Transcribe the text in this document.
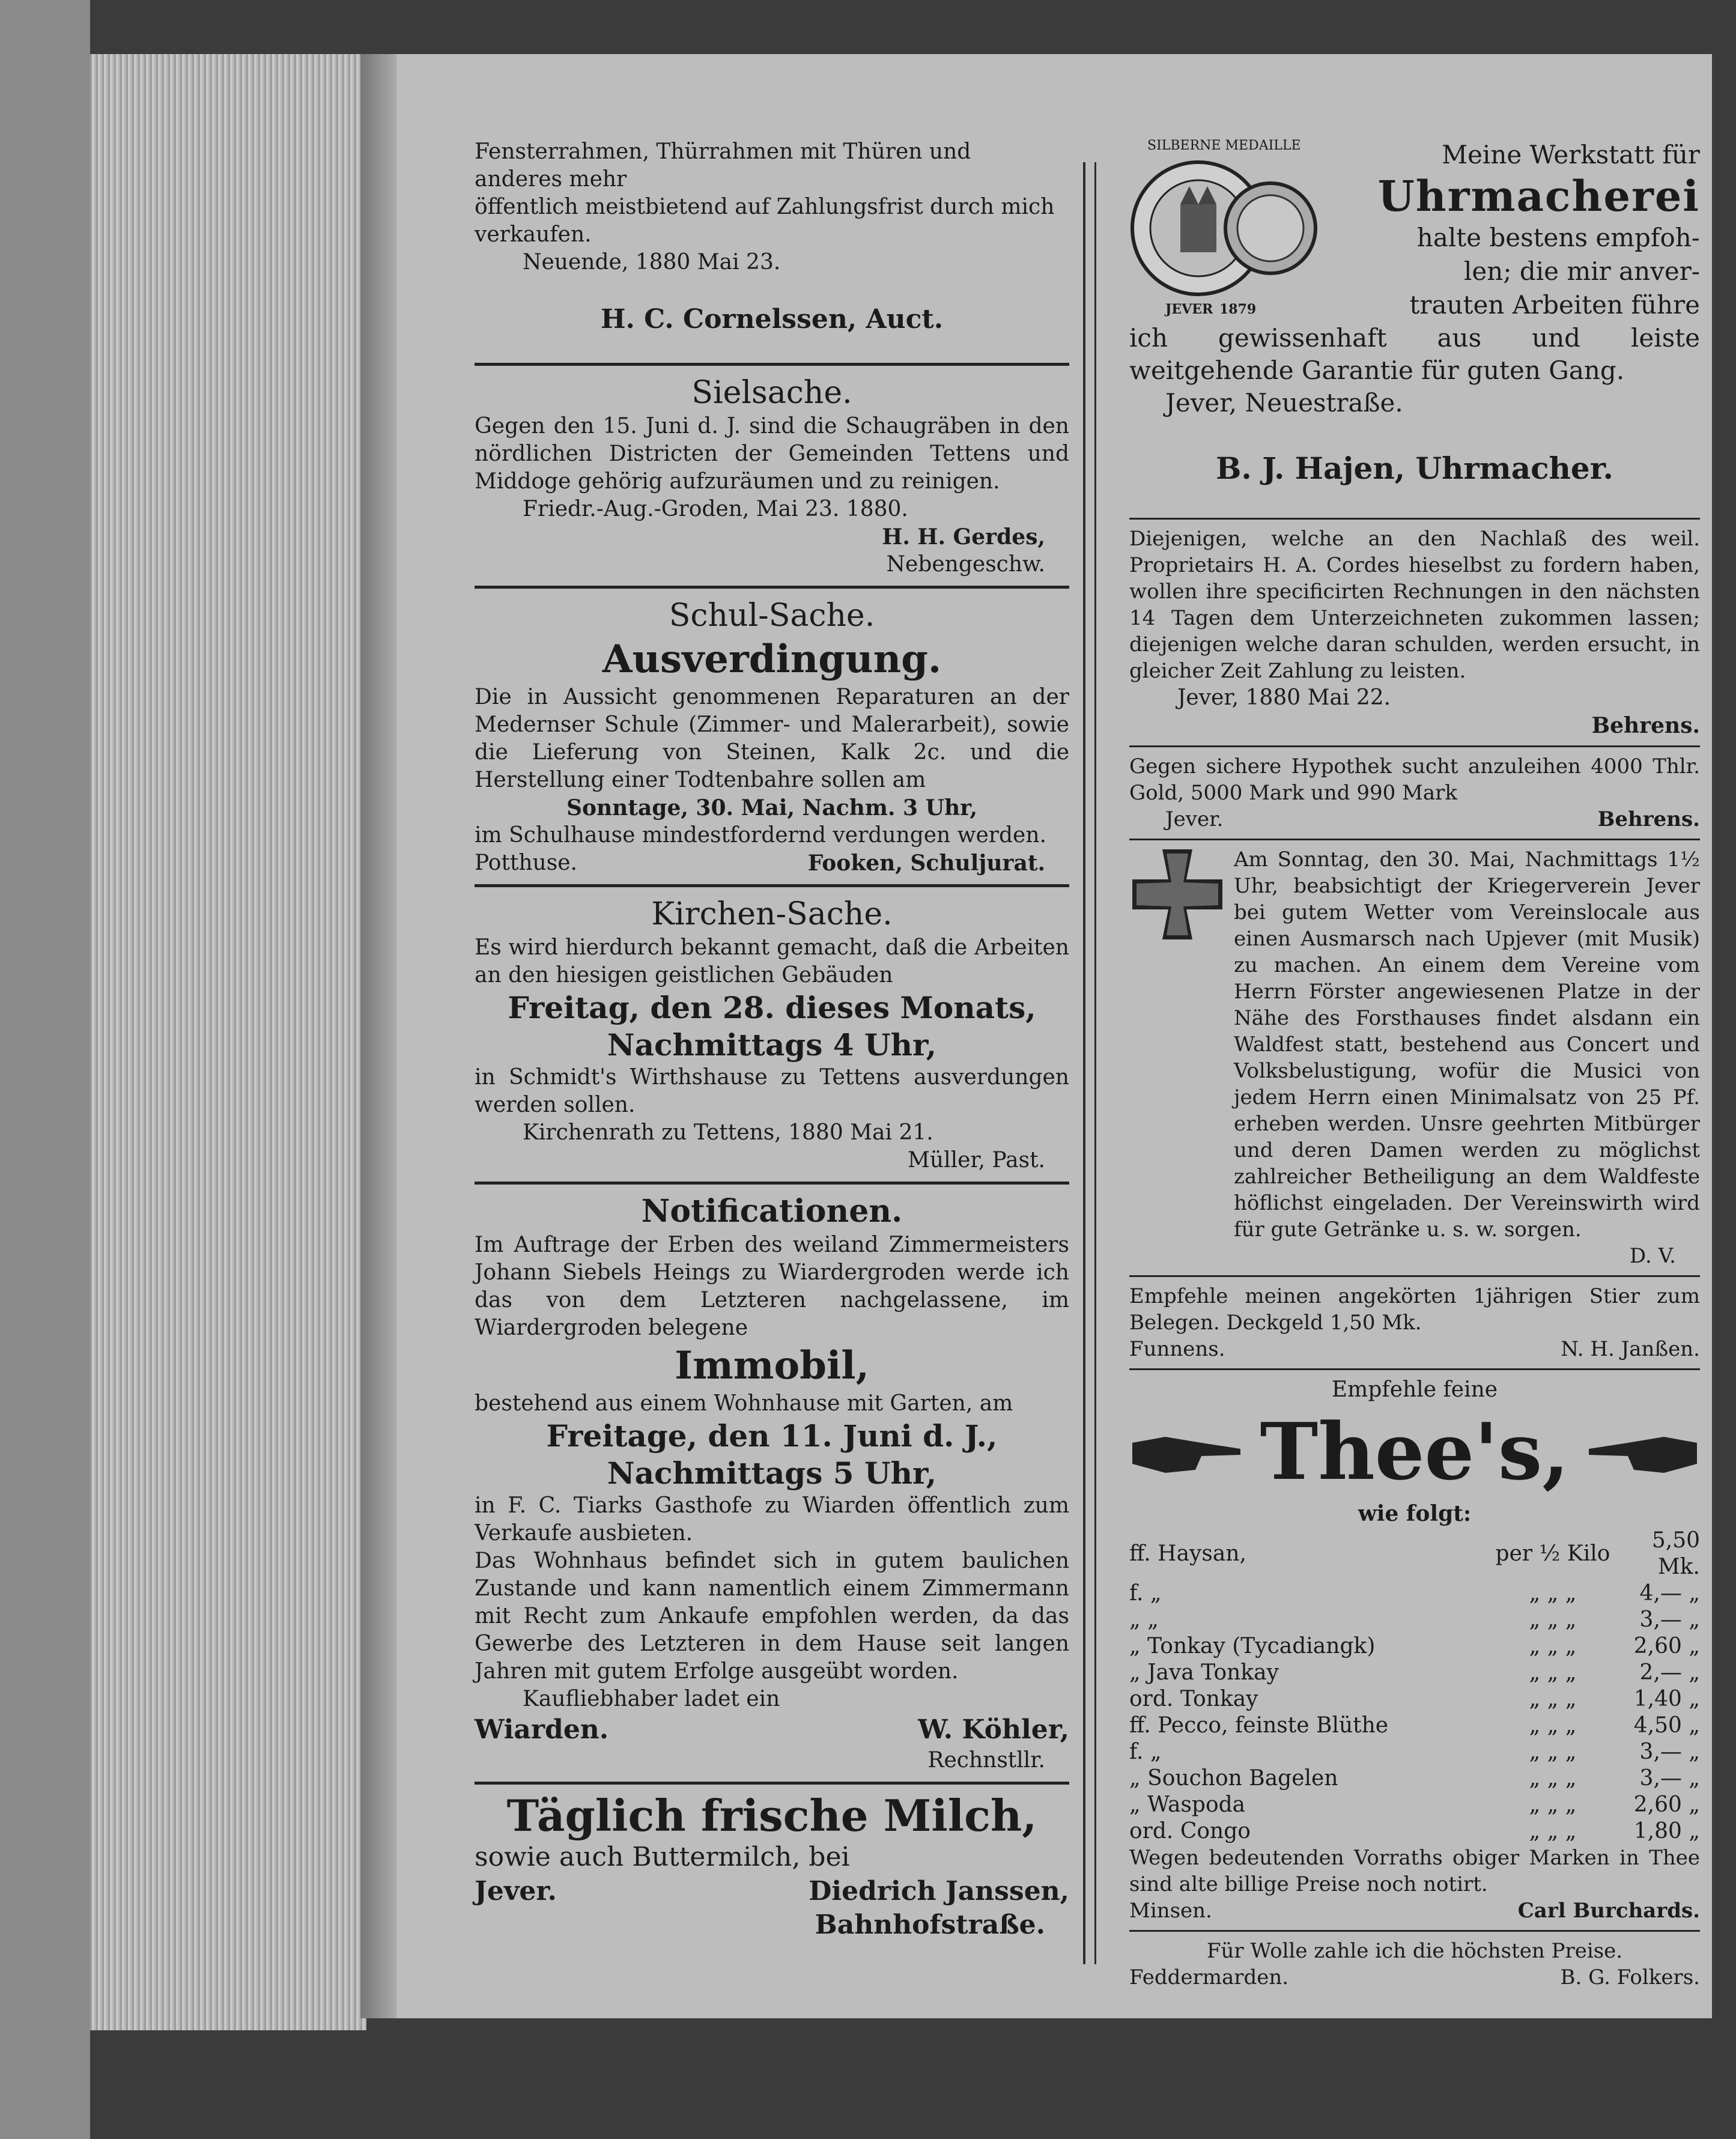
Fensterrahmen, Thürrahmen mit Thüren und

anderes mehr

öffentlich meistbietend auf Zahlungsfrist durch mich

verkaufen.

Neuende, 1880 Mai 23.

H. C. Cornelssen, Auct.

Sielsache.

Gegen den 15. Juni d. J. sind die Schaugräben in den nördlichen Districten der Gemeinden Tettens und Middoge gehörig aufzuräumen und zu reinigen.

Friedr.-Aug.-Groden, Mai 23. 1880.

H. H. Gerdes,

Nebengeschw.

Schul-Sache.
Ausverdingung.

Die in Aussicht genommenen Reparaturen an der Medernser Schule (Zimmer- und Malerarbeit), sowie die Lieferung von Steinen, Kalk 2c. und die Herstellung einer Todtenbahre sollen am

Sonntage, 30. Mai, Nachm. 3 Uhr,

im Schulhause mindestfordernd verdungen werden.

Potthuse.	Fooken, Schuljurat.
Kirchen-Sache.

Es wird hierdurch bekannt gemacht, daß die Arbeiten an den hiesigen geistlichen Gebäuden

Freitag, den 28. dieses Monats,
Nachmittags 4 Uhr,

in Schmidt's Wirthshause zu Tettens ausverdungen werden sollen.

Kirchenrath zu Tettens, 1880 Mai 21.

Müller, Past.

Notificationen.

Im Auftrage der Erben des weiland Zimmermeisters Johann Siebels Heings zu Wiardergroden werde ich das von dem Letzteren nachgelassene, im Wiardergroden belegene

Immobil,

bestehend aus einem Wohnhause mit Garten, am

Freitage, den 11. Juni d. J.,
Nachmittags 5 Uhr,

in F. C. Tiarks Gasthofe zu Wiarden öffentlich zum Verkaufe ausbieten.

Das Wohnhaus befindet sich in gutem baulichen Zustande und kann namentlich einem Zimmermann mit Recht zum Ankaufe empfohlen werden, da das Gewerbe des Letzteren in dem Hause seit langen Jahren mit gutem Erfolge ausgeübt worden.

Kaufliebhaber ladet ein

Wiarden.	W. Köhler,

Rechnstllr.

Täglich frische Milch,

sowie auch Buttermilch, bei

Jever.	Diedrich Janssen,

Bahnhofstraße.

SILBERNE MEDAILLE
JEVER 1879
Meine Werkstatt für
Uhrmacherei
halte bestens empfoh-
len; die mir anver-
trauten Arbeiten führe

ich gewissenhaft aus und leiste weitgehende Garantie für guten Gang.

Jever, Neuestraße.

B. J. Hajen, Uhrmacher.

Diejenigen, welche an den Nachlaß des weil. Proprietairs H. A. Cordes hieselbst zu fordern haben, wollen ihre specificirten Rechnungen in den nächsten 14 Tagen dem Unterzeichneten zukommen lassen; diejenigen welche daran schulden, werden ersucht, in gleicher Zeit Zahlung zu leisten.

Jever, 1880 Mai 22.

Behrens.

Gegen sichere Hypothek sucht anzuleihen 4000 Thlr. Gold, 5000 Mark und 990 Mark

Jever.	Behrens.

Am Sonntag, den 30. Mai, Nachmittags 1½ Uhr, beabsichtigt der Kriegerverein Jever bei gutem Wetter vom Vereinslocale aus einen Ausmarsch nach Upjever (mit Musik) zu machen. An einem dem Vereine vom Herrn Förster angewiesenen Platze in der Nähe des Forsthauses findet alsdann ein Waldfest statt, bestehend aus Concert und Volksbelustigung, wofür die Musici von jedem Herrn einen Minimalsatz von 25 Pf. erheben werden. Unsre geehrten Mitbürger und deren Damen werden zu möglichst zahlreicher Betheiligung an dem Waldfeste höflichst eingeladen. Der Vereinswirth wird für gute Getränke u. s. w. sorgen.

D. V.

Empfehle meinen angekörten 1jährigen Stier zum Belegen. Deckgeld 1,50 Mk.

Funnens.	N. H. Janßen.

Empfehle feine

Thee's,

wie folgt:

ff. Haysan,	per ½ Kilo	5,50 Mk.
f. „	„ „ „	4,— „
„ „	„ „ „	3,— „
„ Tonkay (Tycadiangk)	„ „ „	2,60 „
„ Java Tonkay	„ „ „	2,— „
ord. Tonkay	„ „ „	1,40 „
ff. Pecco, feinste Blüthe	„ „ „	4,50 „
f. „	„ „ „	3,— „
„ Souchon Bagelen	„ „ „	3,— „
„ Waspoda	„ „ „	2,60 „
ord. Congo	„ „ „	1,80 „

Wegen bedeutenden Vorraths obiger Marken in Thee sind alte billige Preise noch notirt.

Minsen.	Carl Burchards.

Für Wolle zahle ich die höchsten Preise.

Feddermarden.	B. G. Folkers.
